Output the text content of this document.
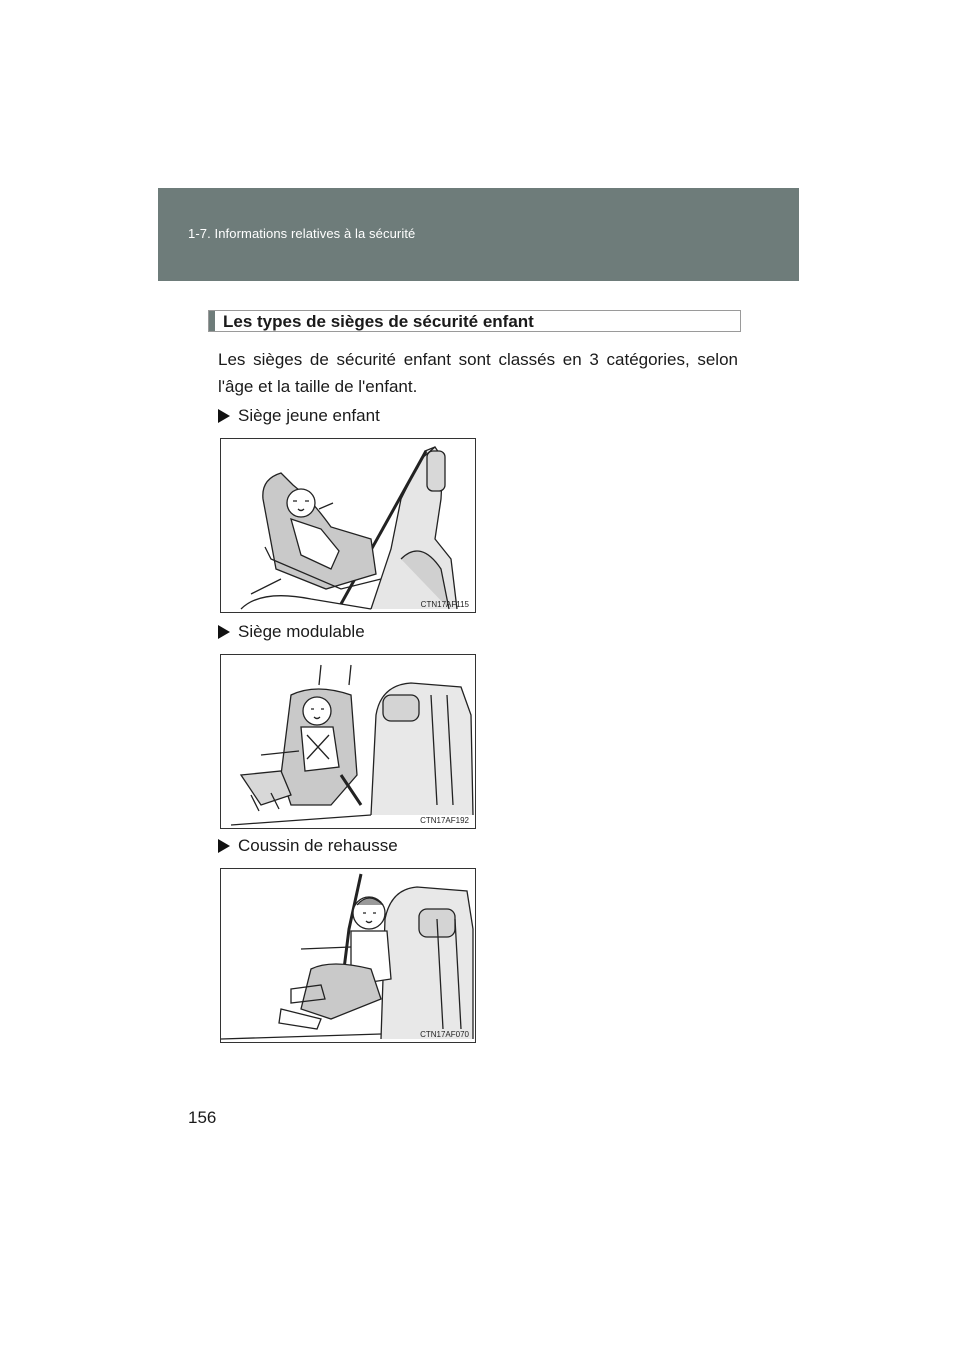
1-7. Informations relatives à la sécurité
Les types de sièges de sécurité enfant
Les sièges de sécurité enfant sont classés en 3 catégories, selon
l'âge et la taille de l'enfant.
Siège jeune enfant
CTN17AF115
Siège modulable
CTN17AF192
Coussin de rehausse
CTN17AF070
156
